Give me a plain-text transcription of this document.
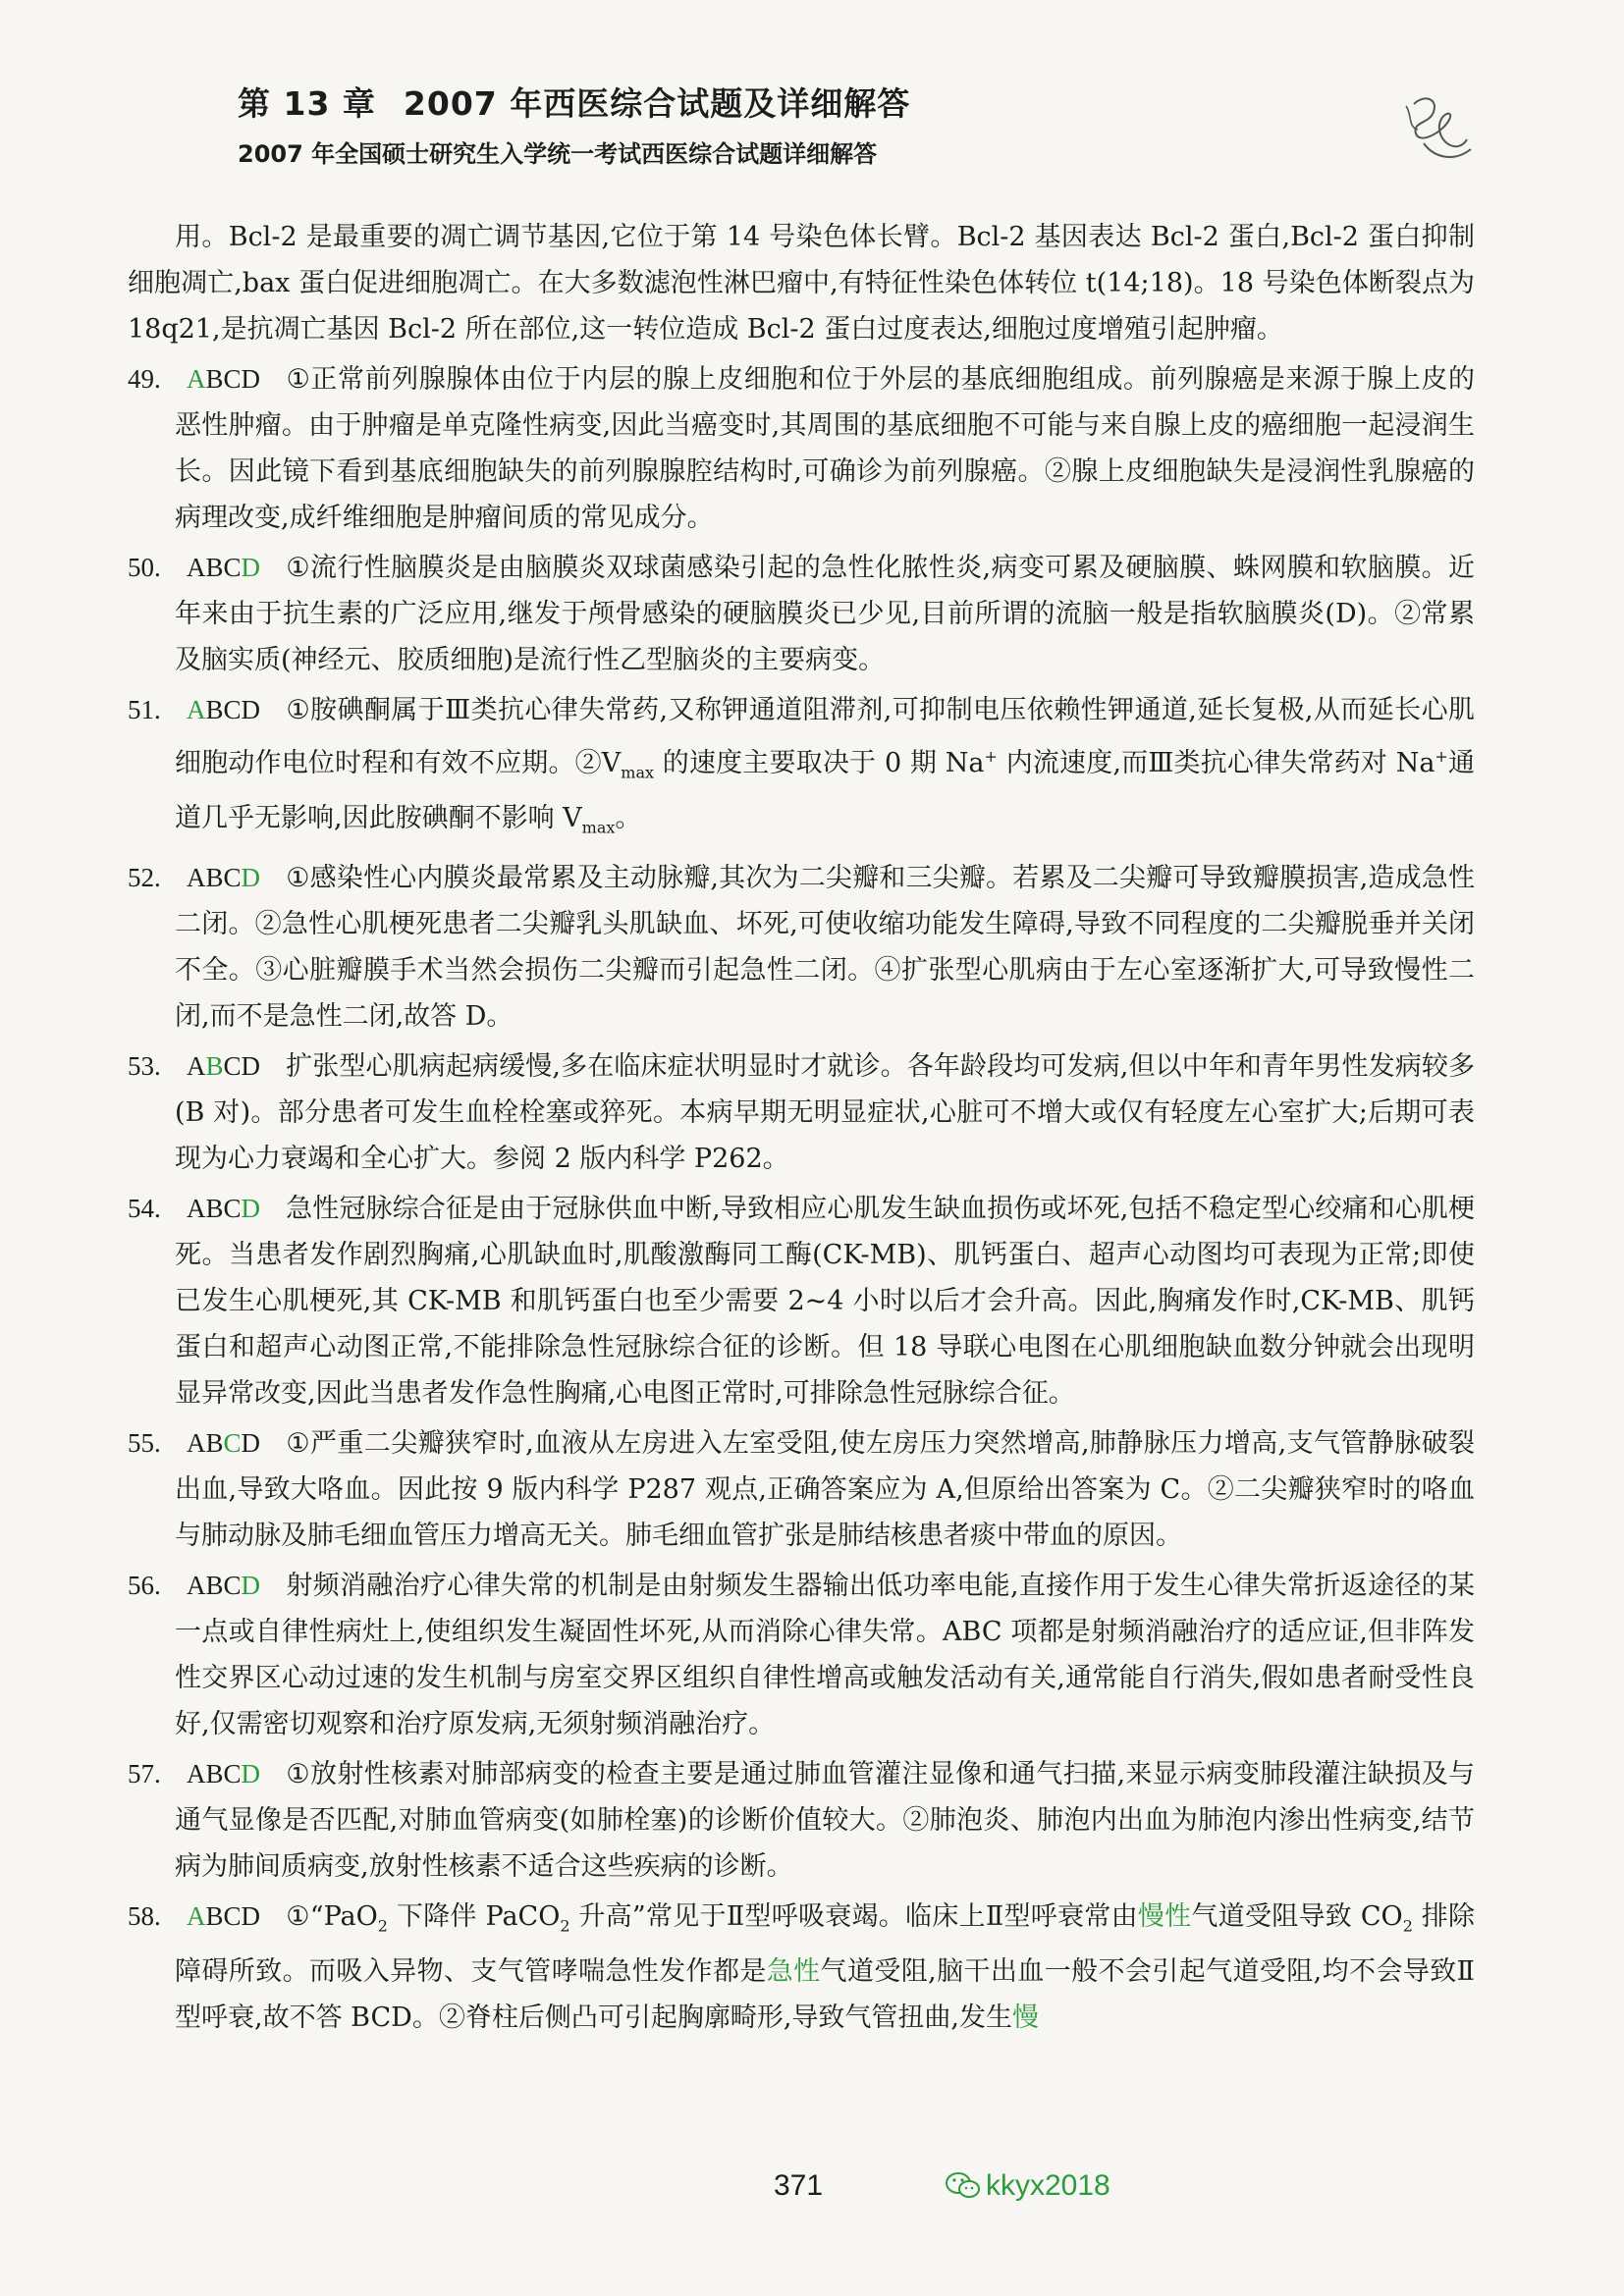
第 13 章 2007 年西医综合试题及详细解答
2007 年全国硕士研究生入学统一考试西医综合试题详细解答

用。Bcl-2 是最重要的凋亡调节基因,它位于第 14 号染色体长臂。Bcl-2 基因表达 Bcl-2 蛋白,Bcl-2 蛋白抑制细胞凋亡,bax 蛋白促进细胞凋亡。在大多数滤泡性淋巴瘤中,有特征性染色体转位 t(14;18)。18 号染色体断裂点为 18q21,是抗凋亡基因 Bcl-2 所在部位,这一转位造成 Bcl-2 蛋白过度表达,细胞过度增殖引起肿瘤。

49. ABCD ①正常前列腺腺体由位于内层的腺上皮细胞和位于外层的基底细胞组成。前列腺癌是来源于腺上皮的恶性肿瘤。由于肿瘤是单克隆性病变,因此当癌变时,其周围的基底细胞不可能与来自腺上皮的癌细胞一起浸润生长。因此镜下看到基底细胞缺失的前列腺腺腔结构时,可确诊为前列腺癌。②腺上皮细胞缺失是浸润性乳腺癌的病理改变,成纤维细胞是肿瘤间质的常见成分。
50. ABCD ①流行性脑膜炎是由脑膜炎双球菌感染引起的急性化脓性炎,病变可累及硬脑膜、蛛网膜和软脑膜。近年来由于抗生素的广泛应用,继发于颅骨感染的硬脑膜炎已少见,目前所谓的流脑一般是指软脑膜炎(D)。②常累及脑实质(神经元、胶质细胞)是流行性乙型脑炎的主要病变。
51. ABCD ①胺碘酮属于Ⅲ类抗心律失常药,又称钾通道阻滞剂,可抑制电压依赖性钾通道,延长复极,从而延长心肌细胞动作电位时程和有效不应期。$②V_{max}$ 的速度主要取决于 0 期 Na+ 内流速度,而Ⅲ类抗心律失常药对 Na+通道几乎无影响,因此胺碘酮不影响 $V_{max}$。
52. ABCD ①感染性心内膜炎最常累及主动脉瓣,其次为二尖瓣和三尖瓣。若累及二尖瓣可导致瓣膜损害,造成急性二闭。②急性心肌梗死患者二尖瓣乳头肌缺血、坏死,可使收缩功能发生障碍,导致不同程度的二尖瓣脱垂并关闭不全。③心脏瓣膜手术当然会损伤二尖瓣而引起急性二闭。④扩张型心肌病由于左心室逐渐扩大,可导致慢性二闭,而不是急性二闭,故答 D。
53. ABCD 扩张型心肌病起病缓慢,多在临床症状明显时才就诊。各年龄段均可发病,但以中年和青年男性发病较多(B 对)。部分患者可发生血栓栓塞或猝死。本病早期无明显症状,心脏可不增大或仅有轻度左心室扩大;后期可表现为心力衰竭和全心扩大。参阅 2 版内科学 P262。
54. ABCD 急性冠脉综合征是由于冠脉供血中断,导致相应心肌发生缺血损伤或坏死,包括不稳定型心绞痛和心肌梗死。当患者发作剧烈胸痛,心肌缺血时,肌酸激酶同工酶(CK-MB)、肌钙蛋白、超声心动图均可表现为正常;即使已发生心肌梗死,其 CK-MB 和肌钙蛋白也至少需要 2~4 小时以后才会升高。因此,胸痛发作时,CK-MB、肌钙蛋白和超声心动图正常,不能排除急性冠脉综合征的诊断。但 18 导联心电图在心肌细胞缺血数分钟就会出现明显异常改变,因此当患者发作急性胸痛,心电图正常时,可排除急性冠脉综合征。
55. ABCD ①严重二尖瓣狭窄时,血液从左房进入左室受阻,使左房压力突然增高,肺静脉压力增高,支气管静脉破裂出血,导致大咯血。因此按 9 版内科学 P287 观点,正确答案应为 A,但原给出答案为 C。②二尖瓣狭窄时的咯血与肺动脉及肺毛细血管压力增高无关。肺毛细血管扩张是肺结核患者痰中带血的原因。
56. ABCD 射频消融治疗心律失常的机制是由射频发生器输出低功率电能,直接作用于发生心律失常折返途径的某一点或自律性病灶上,使组织发生凝固性坏死,从而消除心律失常。ABC 项都是射频消融治疗的适应证,但非阵发性交界区心动过速的发生机制与房室交界区组织自律性增高或触发活动有关,通常能自行消失,假如患者耐受性良好,仅需密切观察和治疗原发病,无须射频消融治疗。
57. ABCD ①放射性核素对肺部病变的检查主要是通过肺血管灌注显像和通气扫描,来显示病变肺段灌注缺损及与通气显像是否匹配,对肺血管病变(如肺栓塞)的诊断价值较大。②肺泡炎、肺泡内出血为肺泡内渗出性病变,结节病为肺间质病变,放射性核素不适合这些疾病的诊断。
58. ABCD ①“PaO$_2$ 下降伴 PaCO$_2$ 升高”常见于Ⅱ型呼吸衰竭。临床上Ⅱ型呼衰常由慢性气道受阻导致 $CO_2$ 排除障碍所致。而吸入异物、支气管哮喘急性发作都是急性气道受阻,脑干出血一般不会引起气道受阻,均不会导致Ⅱ型呼衰,故不答 BCD。②脊柱后侧凸可引起胸廓畸形,导致气管扭曲,发生慢
371	kkyx2018
